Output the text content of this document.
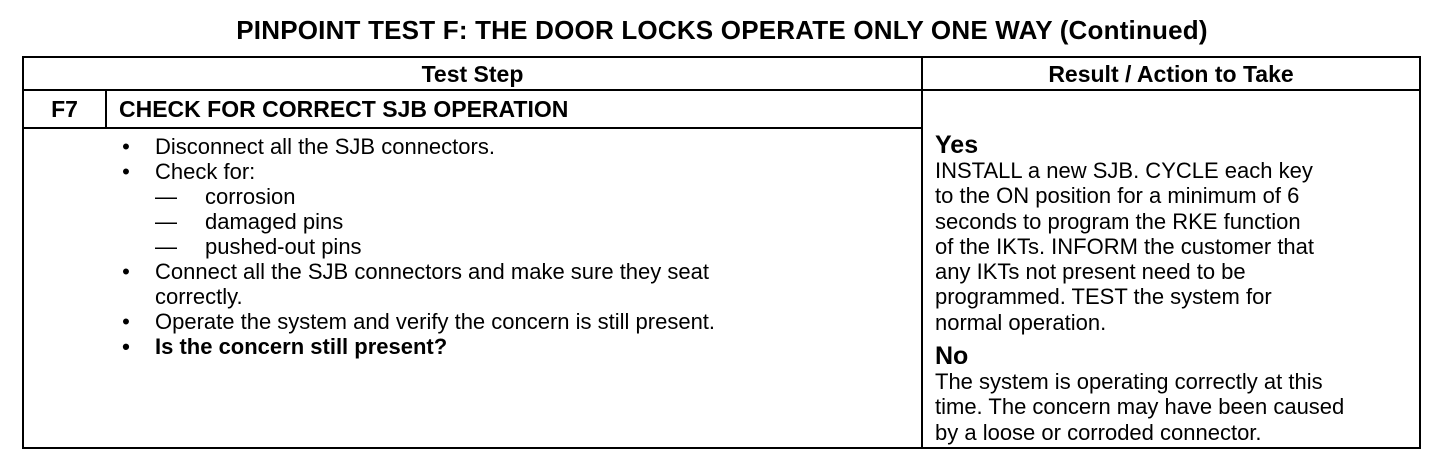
PINPOINT TEST F: THE DOOR LOCKS OPERATE ONLY ONE WAY (Continued)
Test Step	Result / Action to Take
F7	CHECK FOR CORRECT SJB OPERATION
• Disconnect all the SJB connectors.
• Check for:
— corrosion
— damaged pins
— pushed-out pins
• Connect all the SJB connectors and make sure they seat
correctly.
• Operate the system and verify the concern is still present.
• Is the concern still present?
Yes
INSTALL a new SJB. CYCLE each key
to the ON position for a minimum of 6
seconds to program the RKE function
of the IKTs. INFORM the customer that
any IKTs not present need to be
programmed. TEST the system for
normal operation.
No
The system is operating correctly at this
time. The concern may have been caused
by a loose or corroded connector.
